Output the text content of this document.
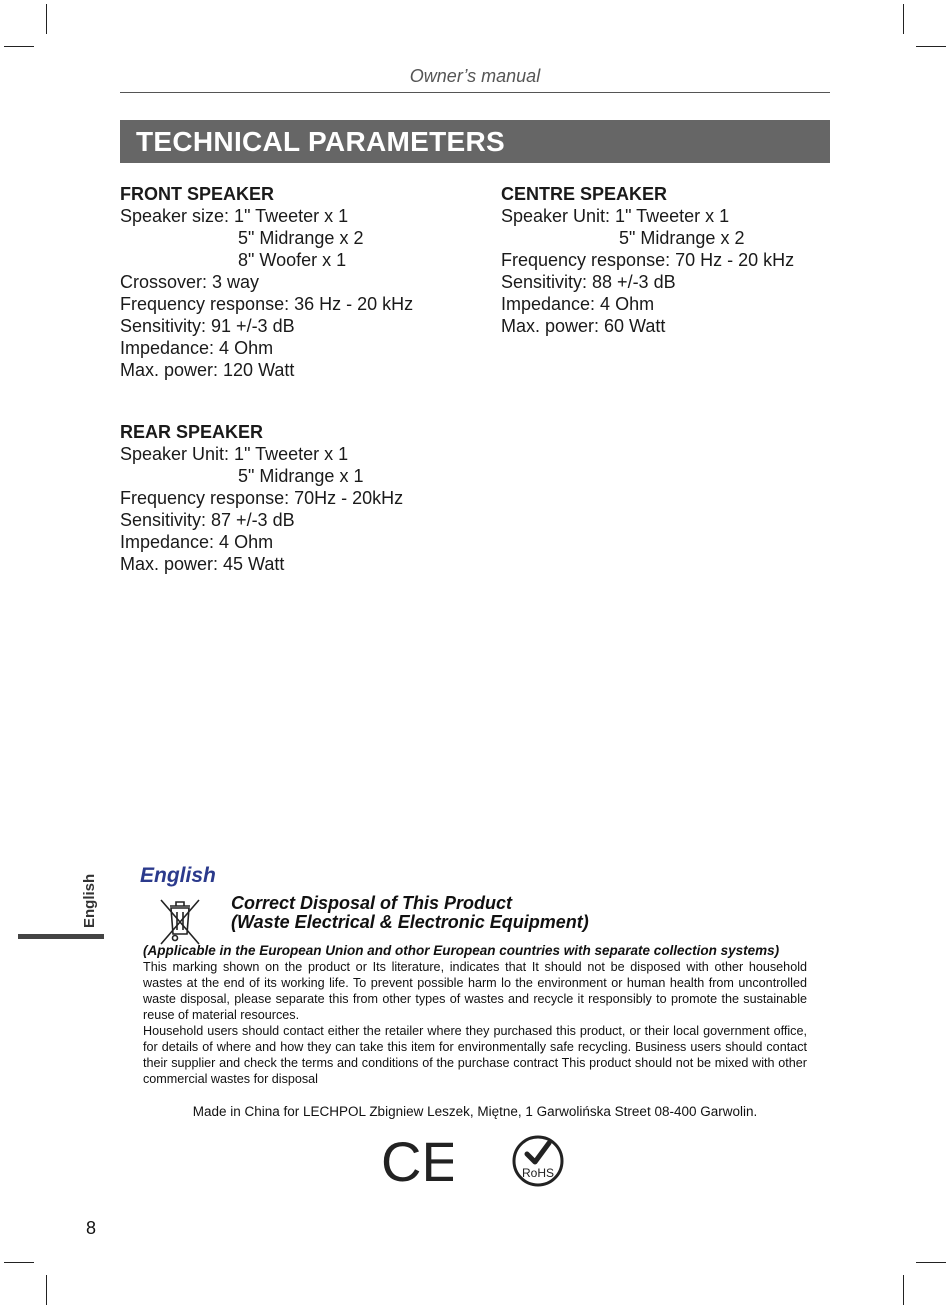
Owner’s manual
TECHNICAL PARAMETERS
FRONT SPEAKER
Speaker size: 1" Tweeter x 1
5" Midrange x 2
8" Woofer x 1
Crossover: 3 way
Frequency response: 36 Hz - 20 kHz
Sensitivity: 91 +/-3 dB
Impedance: 4 Ohm
Max. power: 120 Watt
CENTRE SPEAKER
Speaker Unit: 1" Tweeter x 1
5" Midrange x 2
Frequency response: 70 Hz - 20 kHz
Sensitivity: 88 +/-3 dB
Impedance: 4 Ohm
Max. power: 60 Watt
REAR SPEAKER
Speaker Unit: 1" Tweeter x 1
5" Midrange x 1
Frequency response: 70Hz - 20kHz
Sensitivity: 87 +/-3 dB
Impedance: 4 Ohm
Max. power: 45 Watt
English English
Correct Disposal of This Product
(Waste Electrical & Electronic Equipment)
(Applicable in the European Union and othor European countries with separate collection systems)

This marking shown on the product or Its literature, indicates that It should not be disposed with other household wastes at the end of its working life. To prevent possible harm lo the environment or human health from uncontrolled waste disposal, please separate this from other types of wastes and recycle it responsibly to promote the sustainable reuse of material resources.

Household users should contact either the retailer where they purchased this product, or their local government office, for details of where and how they can take this item for environmentally safe recycling. Business users should contact their supplier and check the terms and conditions of the purchase contract This product should not be mixed with other commercial wastes for disposal

Made in China for LECHPOL Zbigniew Leszek, Miętne, 1 Garwolińska Street 08-400 Garwolin.
CE	RoHS
8
